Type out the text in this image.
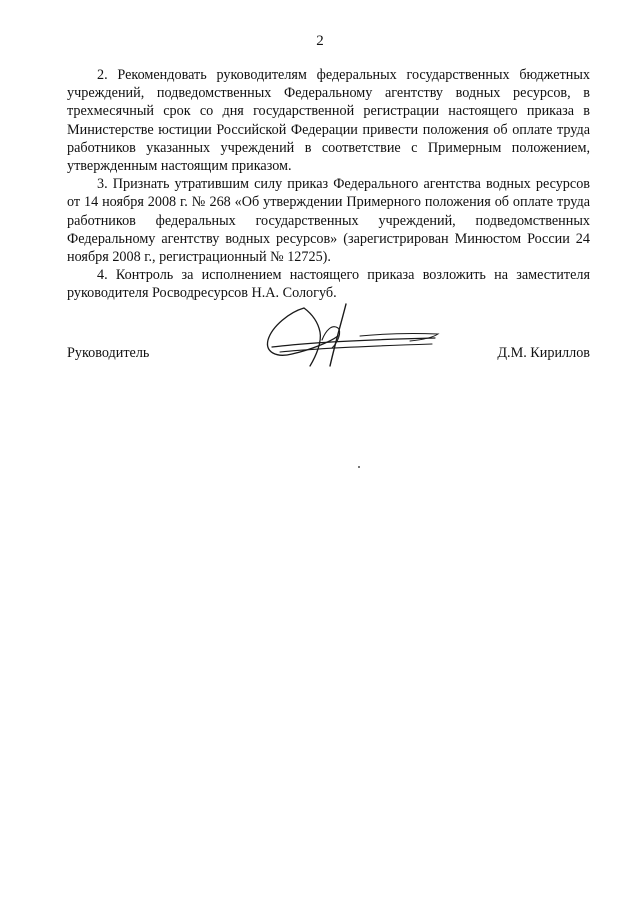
2

2. Рекомендовать руководителям федеральных государственных бюджетных учреждений, подведомственных Федеральному агентству водных ресурсов, в трехмесячный срок со дня государственной регистрации настоящего приказа в Министерстве юстиции Российской Федерации привести положения об оплате труда работников указанных учреждений в соответствие с Примерным положением, утвержденным настоящим приказом.

3. Признать утратившим силу приказ Федерального агентства водных ресурсов от 14 ноября 2008 г. № 268 «Об утверждении Примерного положения об оплате труда работников федеральных государственных учреждений, подведомственных Федеральному агентству водных ресурсов» (зарегистрирован Минюстом России 24 ноября 2008 г., регистрационный № 12725).

4. Контроль за исполнением настоящего приказа возложить на заместителя руководителя Росводресурсов Н.А. Сологуб.

Руководитель	Д.М. Кириллов
